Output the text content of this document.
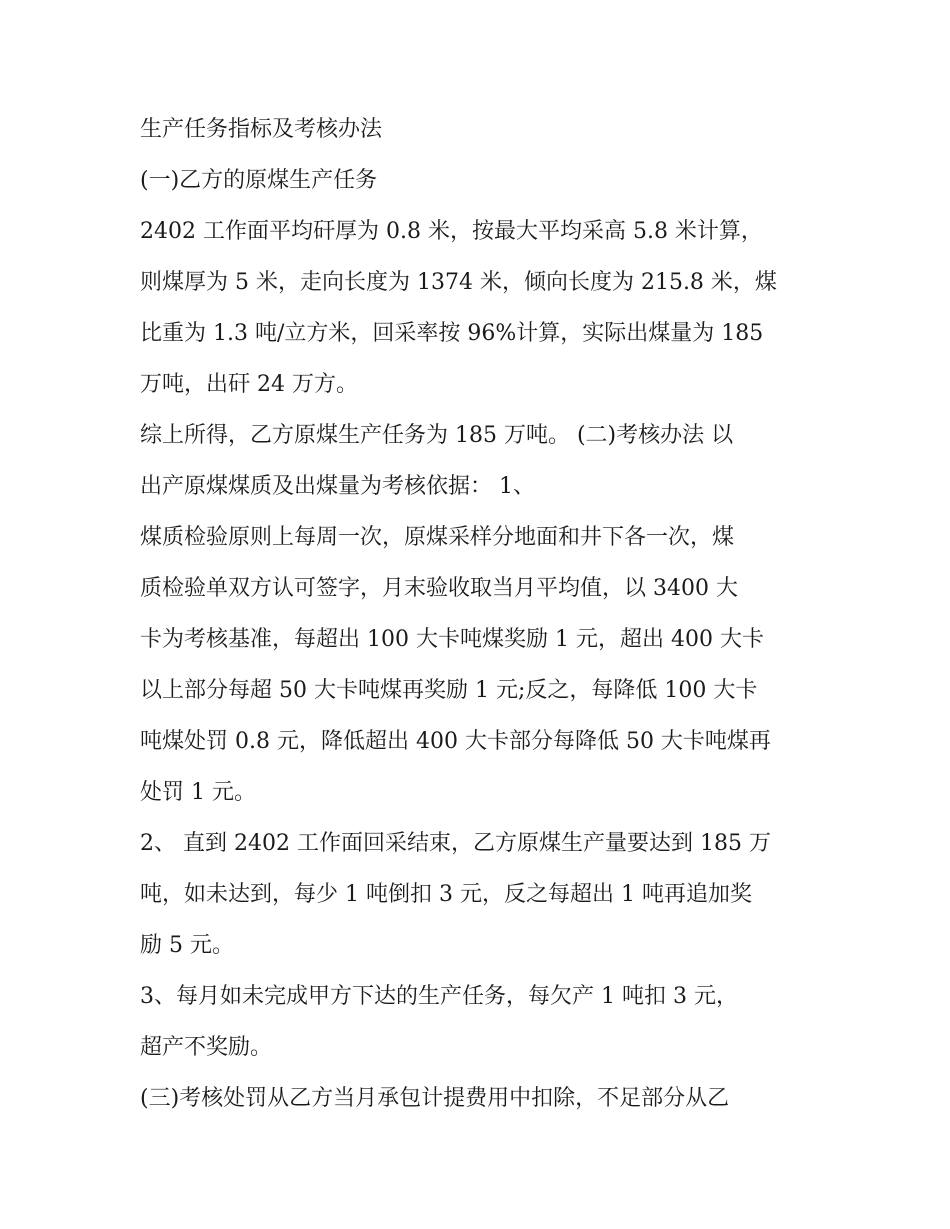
生产任务指标及考核办法
(一)乙方的原煤生产任务
2402 工作面平均矸厚为 0.8 米，按最大平均采高 5.8 米计算，
则煤厚为 5 米，走向长度为 1374 米，倾向长度为 215.8 米，煤
比重为 1.3 吨/立方米，回采率按 96%计算，实际出煤量为 185
万吨，出矸 24 万方。
综上所得，乙方原煤生产任务为 185 万吨。 (二)考核办法 以
出产原煤煤质及出煤量为考核依据： 1、
煤质检验原则上每周一次，原煤采样分地面和井下各一次，煤
质检验单双方认可签字，月末验收取当月平均值，以 3400 大
卡为考核基准，每超出 100 大卡吨煤奖励 1 元，超出 400 大卡
以上部分每超 50 大卡吨煤再奖励 1 元;反之，每降低 100 大卡
吨煤处罚 0.8 元，降低超出 400 大卡部分每降低 50 大卡吨煤再
处罚 1 元。
2、 直到 2402 工作面回采结束，乙方原煤生产量要达到 185 万
吨，如未达到，每少 1 吨倒扣 3 元，反之每超出 1 吨再追加奖
励 5 元。
3、每月如未完成甲方下达的生产任务，每欠产 1 吨扣 3 元，
超产不奖励。
(三)考核处罚从乙方当月承包计提费用中扣除，不足部分从乙
